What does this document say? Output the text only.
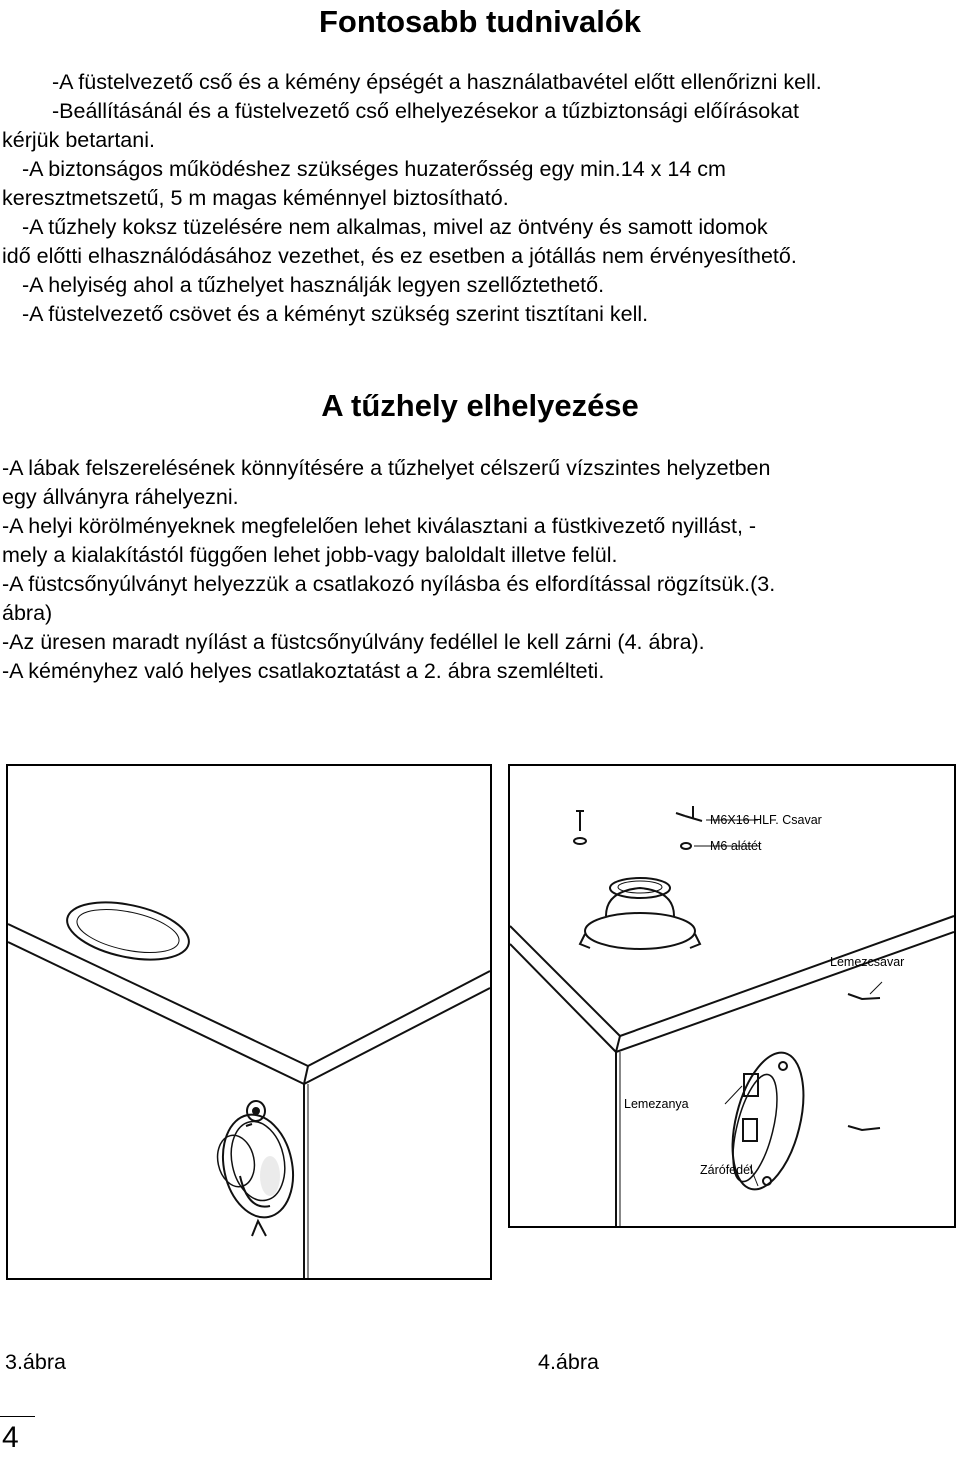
Fontosabb tudnivalók
-A füstelvezető cső és a kémény épségét a használatbavétel előtt ellenőrizni kell.
-Beállításánál és a füstelvezető cső elhelyezésekor a tűzbiztonsági előírásokat
kérjük betartani.
-A biztonságos működéshez szükséges huzaterősség egy min.14 x 14 cm
keresztmetszetű, 5 m magas kéménnyel biztosítható.
-A tűzhely koksz tüzelésére nem alkalmas, mivel az öntvény és samott idomok
idő előtti elhasználódásához vezethet, és ez esetben a jótállás nem érvényesíthető.
-A helyiség ahol a tűzhelyet használják legyen szellőztethető.
-A füstelvezető csövet és a kéményt szükség szerint tisztítani kell.
A tűzhely elhelyezése
-A lábak felszerelésének könnyítésére a tűzhelyet célszerű vízszintes helyzetben
egy állványra ráhelyezni.
-A helyi körölményeknek megfelelően lehet kiválasztani a füstkivezető nyillást, -
mely a kialakítástól függően lehet jobb-vagy baloldalt illetve felül.
-A füstcsőnyúlványt helyezzük a csatlakozó nyílásba és elfordítással rögzítsük.(3.
ábra)
-Az üresen maradt nyílást a füstcsőnyúlvány fedéllel le kell zárni (4. ábra).
-A kéményhez való helyes csatlakoztatást a 2. ábra szemlélteti.
M6X16 HLF. Csavar
M6 alátét
Lemezcsavar
Lemezanya
Zárófedél
3.ábra	4.ábra
4
